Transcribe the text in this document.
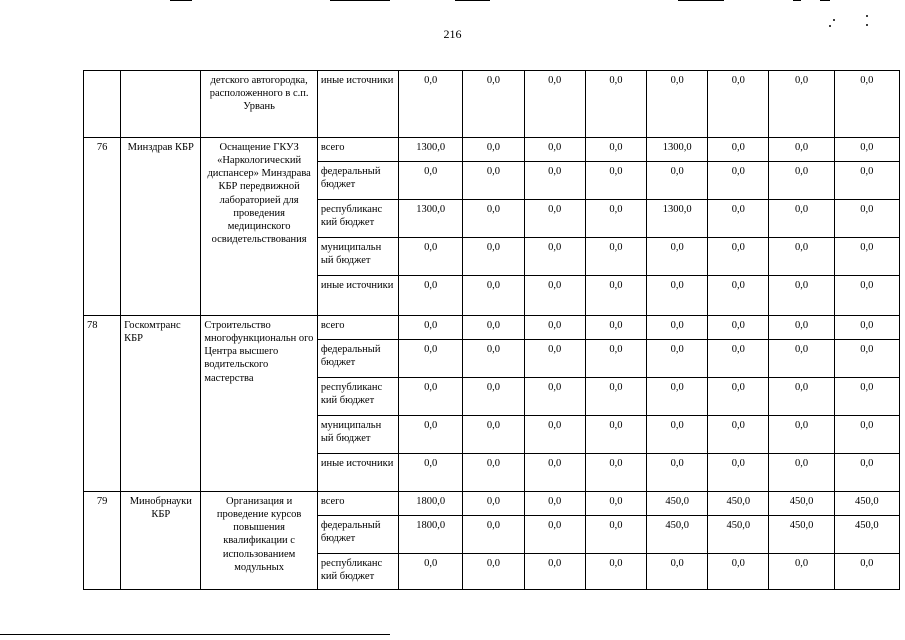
216
		детского автогородка, расположенного в с.п. Урвань	иные источники	0,0	0,0	0,0	0,0	0,0	0,0	0,0	0,0
76	Минздрав КБР	Оснащение ГКУЗ «Наркологический диспансер» Минздрава КБР передвижной лабораторией для проведения медицинского освидетельствования	всего	1300,0	0,0	0,0	0,0	1300,0	0,0	0,0	0,0
			федеральный бюджет	0,0	0,0	0,0	0,0	0,0	0,0	0,0	0,0
			республиканс кий бюджет	1300,0	0,0	0,0	0,0	1300,0	0,0	0,0	0,0
			муниципальн ый бюджет	0,0	0,0	0,0	0,0	0,0	0,0	0,0	0,0
			иные источники	0,0	0,0	0,0	0,0	0,0	0,0	0,0	0,0
78	Госкомтранс КБР	Строительство многофункциональн ого Центра высшего водительского мастерства	всего	0,0	0,0	0,0	0,0	0,0	0,0	0,0	0,0
			федеральный бюджет	0,0	0,0	0,0	0,0	0,0	0,0	0,0	0,0
			республиканс кий бюджет	0,0	0,0	0,0	0,0	0,0	0,0	0,0	0,0
			муниципальн ый бюджет	0,0	0,0	0,0	0,0	0,0	0,0	0,0	0,0
			иные источники	0,0	0,0	0,0	0,0	0,0	0,0	0,0	0,0
79	Минобрнауки КБР	Организация и проведение курсов повышения квалификации с использованием модульных	всего	1800,0	0,0	0,0	0,0	450,0	450,0	450,0	450,0
			федеральный бюджет	1800,0	0,0	0,0	0,0	450,0	450,0	450,0	450,0
			республиканс кий бюджет	0,0	0,0	0,0	0,0	0,0	0,0	0,0	0,0
